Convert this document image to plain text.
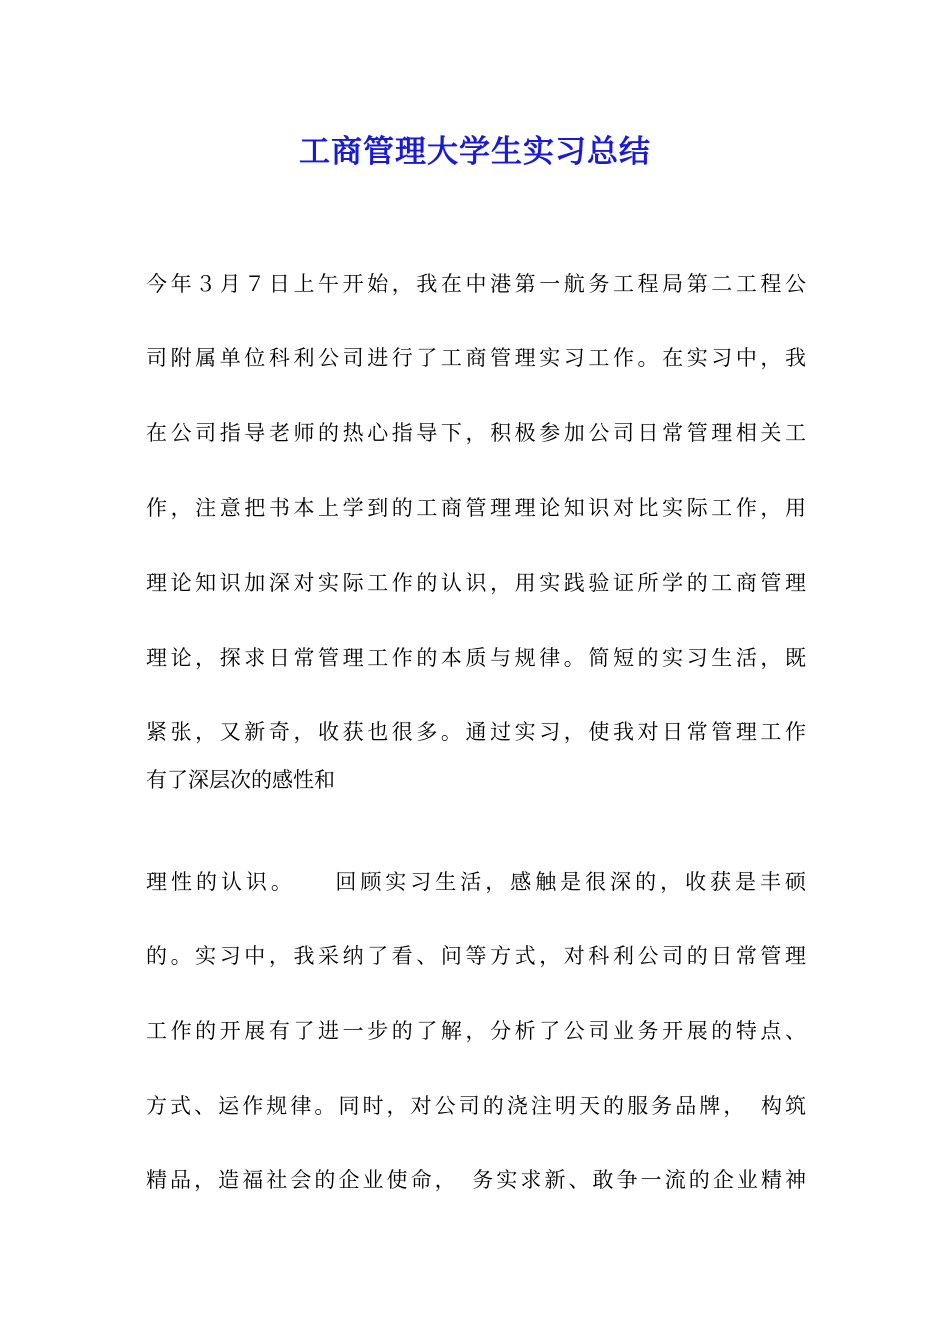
工商管理大学生实习总结
今年３月７日上午开始，我在中港第一航务工程局第二工程公
司附属单位科利公司进行了工商管理实习工作。在实习中，我
在公司指导老师的热心指导下，积极参加公司日常管理相关工
作，注意把书本上学到的工商管理理论知识对比实际工作，用
理论知识加深对实际工作的认识，用实践验证所学的工商管理
理论，探求日常管理工作的本质与规律。简短的实习生活，既
紧张，又新奇，收获也很多。通过实习，使我对日常管理工作
有了深层次的感性和
理性的认识。　　回顾实习生活，感触是很深的，收获是丰硕
的。实习中，我采纳了看、问等方式，对科利公司的日常管理
工作的开展有了进一步的了解，分析了公司业务开展的特点、
方式、运作规律。同时，对公司的浇注明天的服务品牌，　构筑
精品，造福社会的企业使命，　务实求新、敢争一流的企业精神
